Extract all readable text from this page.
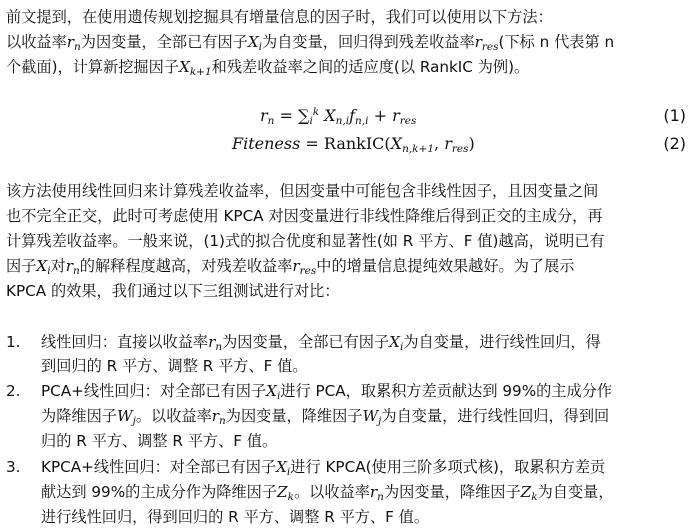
前文提到，在使用遗传规划挖掘具有增量信息的因子时，我们可以使用以下方法：
以收益率$r_n$为因变量，全部已有因子$X_i$为自变量，回归得到残差收益率$r_{res}$(下标 n 代表第 n
个截面)，计算新挖掘因子$X_{k+1}$和残差收益率之间的适应度(以 RankIC 为例)。
$r_n = \sum_i^k$ $X_{n,i}f_{n,i} + r_{res}$	(1)
Fiteness = $RankIC(X_{n,k+1}$, $r_{res}$)	(2)
该方法使用线性回归来计算残差收益率，但因变量中可能包含非线性因子，且因变量之间
也不完全正交，此时可考虑使用 KPCA 对因变量进行非线性降维后得到正交的主成分，再
计算残差收益率。一般来说，(1)式的拟合优度和显著性(如 R 平方、F 值)越高，说明已有
因子$X_i$对$r_n$的解释程度越高，对残差收益率$r_{res}$中的增量信息提纯效果越好。为了展示
KPCA 的效果，我们通过以下三组测试进行对比：
1. 线性回归：直接以收益率$r_n$为因变量，全部已有因子$X_i$为自变量，进行线性回归，得
到回归的 R 平方、调整 R 平方、F 值。
2. PCA+线性回归：对全部已有因子$X_i$进行 PCA，取累积方差贡献达到 99%的主成分作
为降维因子$W_j$。以收益率$r_n$为因变量，降维因子$W_j$为自变量，进行线性回归，得到回
归的 R 平方、调整 R 平方、F 值。
3. KPCA+线性回归：对全部已有因子$X_i$进行 KPCA(使用三阶多项式核)，取累积方差贡
献达到 99%的主成分作为降维因子$Z_k$。以收益率$r_n$为因变量，降维因子$Z_k$为自变量，
进行线性回归，得到回归的 R 平方、调整 R 平方、F 值。
